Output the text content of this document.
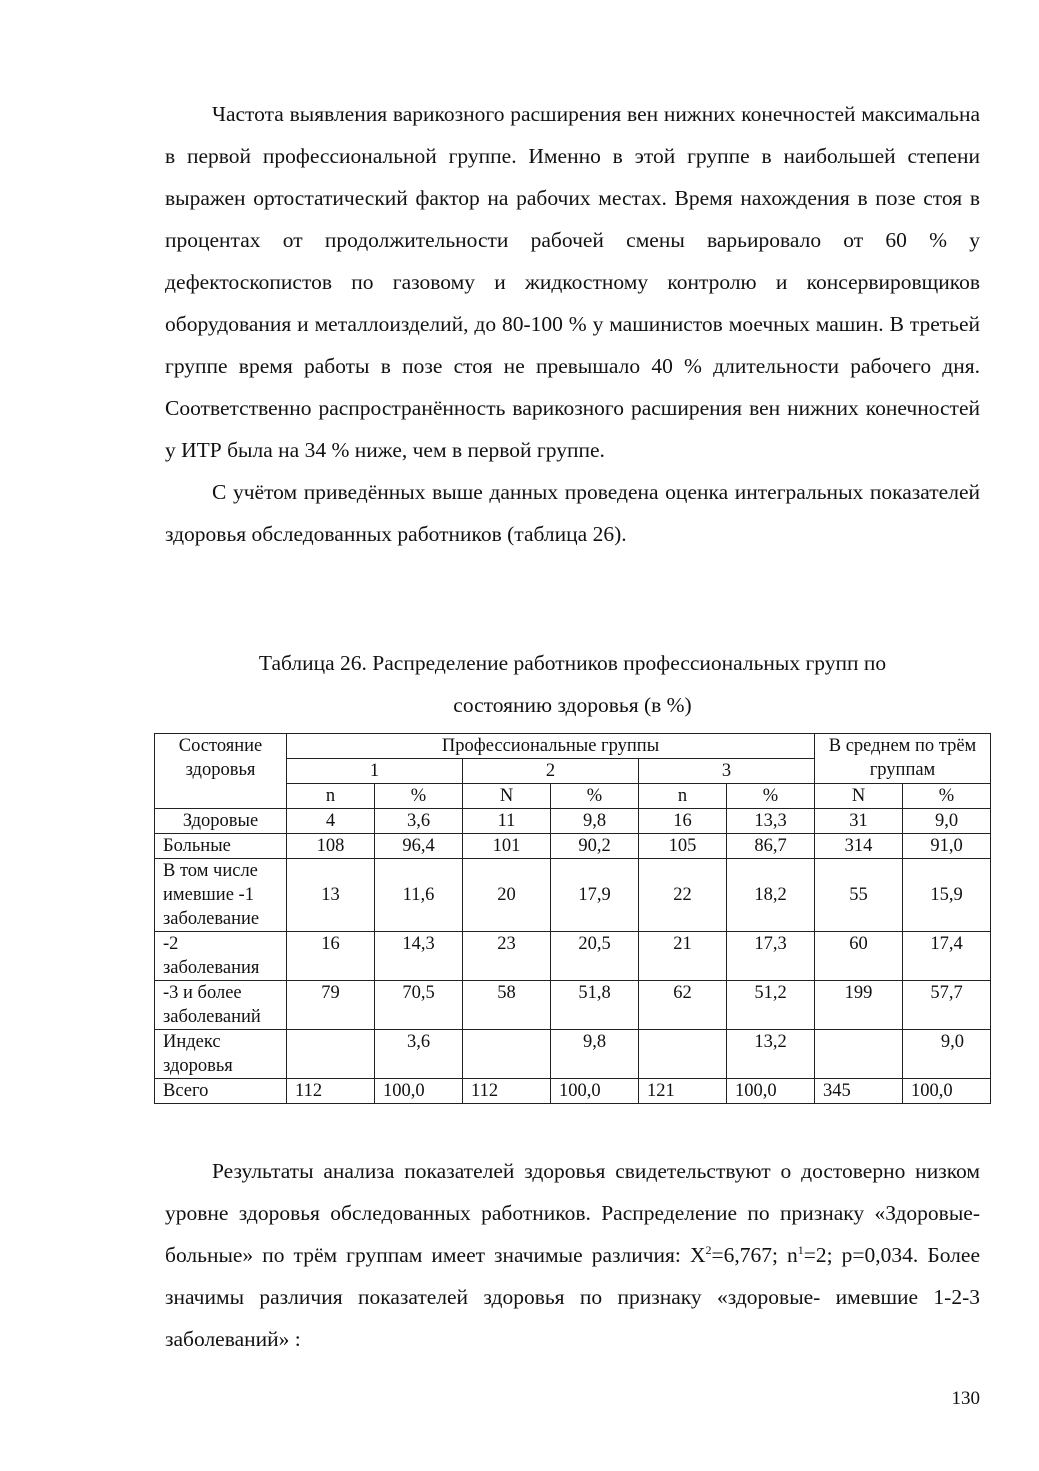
Частота выявления варикозного расширения вен нижних конечностей максимальна в первой профессиональной группе. Именно в этой группе в наибольшей степени выражен ортостатический фактор на рабочих местах. Время нахождения в позе стоя в процентах от продолжительности рабочей смены варьировало от 60 % у дефектоскопистов по газовому и жидкостному контролю и консервировщиков оборудования и металлоизделий, до 80-100 % у машинистов моечных машин. В третьей группе время работы в позе стоя не превышало 40 % длительности рабочего дня. Соответственно распространённость варикозного расширения вен нижних конечностей у ИТР была на 34 % ниже, чем в первой группе.

С учётом приведённых выше данных проведена оценка интегральных показателей здоровья обследованных работников (таблица 26).

Таблица 26. Распределение работников профессиональных групп по
состоянию здоровья (в %)
Состояние здоровья	Профессиональные группы						В среднем по трём группам	
	1		2		3			
	n	%	N	%	n	%	N	%
Здоровые	4	3,6	11	9,8	16	13,3	31	9,0
Больные	108	96,4	101	90,2	105	86,7	314	91,0
В том числе имевшие -1 заболевание	13	11,6	20	17,9	22	18,2	55	15,9
-2 заболевания	16	14,3	23	20,5	21	17,3	60	17,4
-3 и более заболеваний	79	70,5	58	51,8	62	51,2	199	57,7
Индекс здоровья		3,6		9,8		13,2		9,0
Всего	112	100,0	112	100,0	121	100,0	345	100,0

Результаты анализа показателей здоровья свидетельствуют о достоверно низком уровне здоровья обследованных работников. Распределение по признаку «Здоровые-больные» по трём группам имеет значимые различия: $Х^2=6,767$; $n^1=2$; p=0,034. Более значимы различия показателей здоровья по признаку «здоровые- имевшие 1-2-3 заболеваний» :

130
